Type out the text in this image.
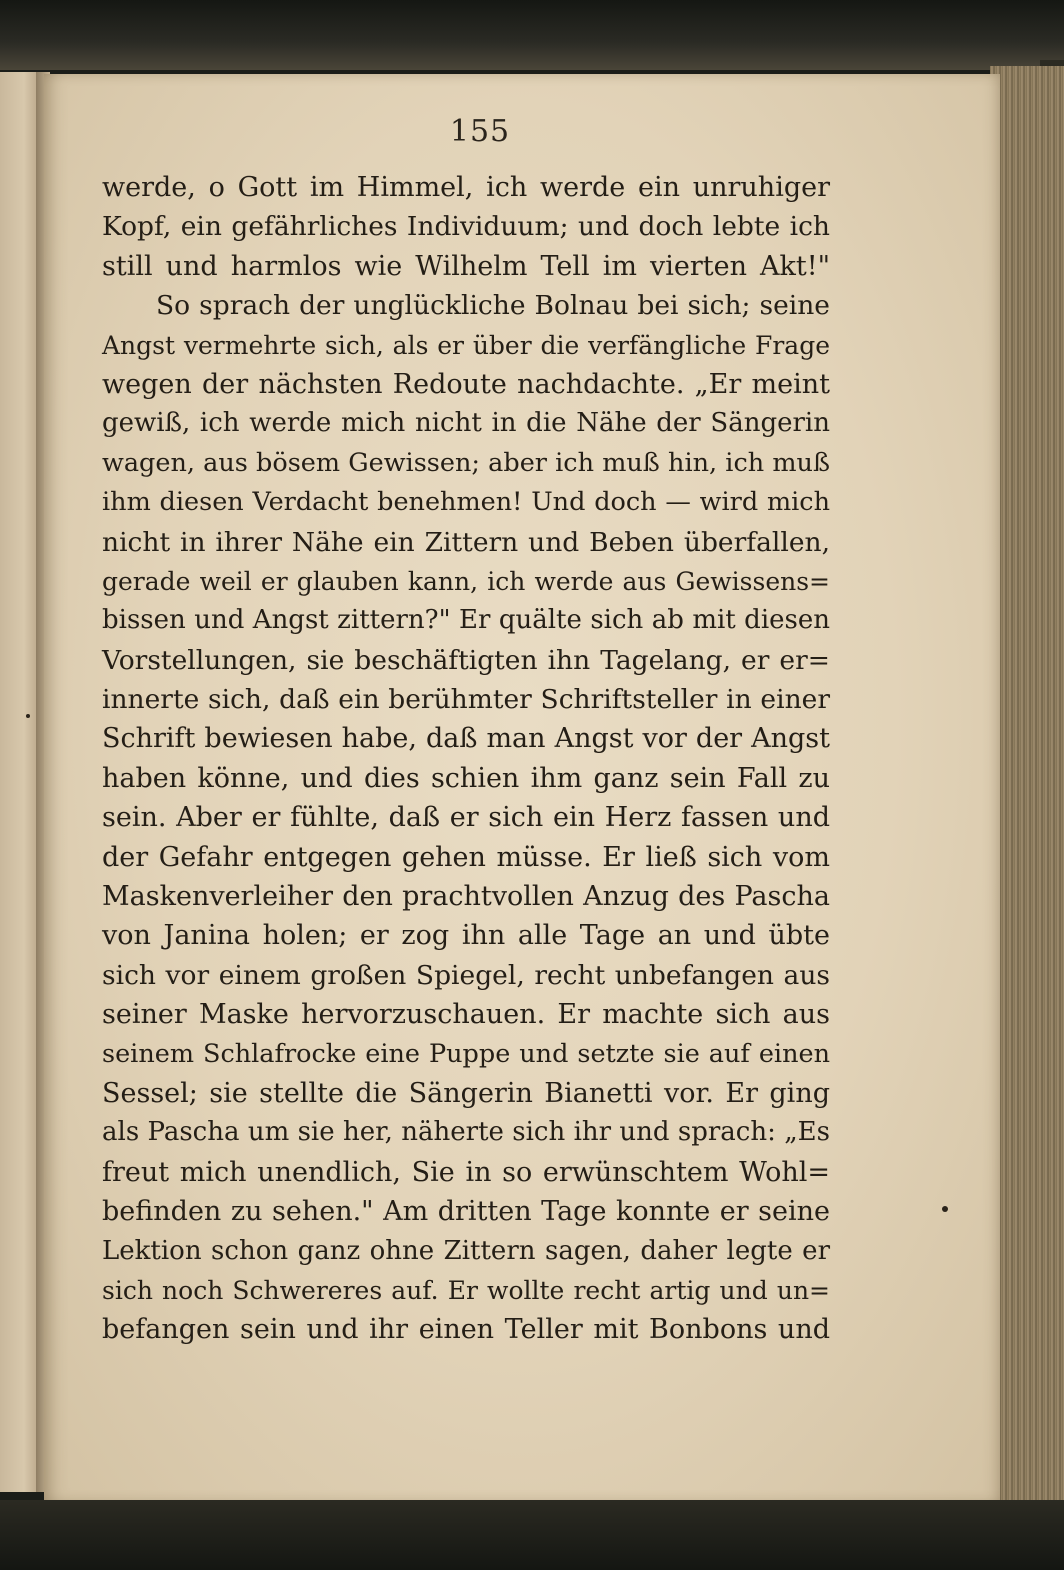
155
werde, o Gott im Himmel, ich werde ein unruhiger
Kopf, ein gefährliches Individuum; und doch lebte ich
still und harmlos wie Wilhelm Tell im vierten Akt!"
So sprach der unglückliche Bolnau bei sich; seine
Angst vermehrte sich, als er über die verfängliche Frage
wegen der nächsten Redoute nachdachte. „Er meint
gewiß, ich werde mich nicht in die Nähe der Sängerin
wagen, aus bösem Gewissen; aber ich muß hin, ich muß
ihm diesen Verdacht benehmen! Und doch — wird mich
nicht in ihrer Nähe ein Zittern und Beben überfallen,
gerade weil er glauben kann, ich werde aus Gewissens=
bissen und Angst zittern?" Er quälte sich ab mit diesen
Vorstellungen, sie beschäftigten ihn Tagelang, er er=
innerte sich, daß ein berühmter Schriftsteller in einer
Schrift bewiesen habe, daß man Angst vor der Angst
haben könne, und dies schien ihm ganz sein Fall zu
sein. Aber er fühlte, daß er sich ein Herz fassen und
der Gefahr entgegen gehen müsse. Er ließ sich vom
Maskenverleiher den prachtvollen Anzug des Pascha
von Janina holen; er zog ihn alle Tage an und übte
sich vor einem großen Spiegel, recht unbefangen aus
seiner Maske hervorzuschauen. Er machte sich aus
seinem Schlafrocke eine Puppe und setzte sie auf einen
Sessel; sie stellte die Sängerin Bianetti vor. Er ging
als Pascha um sie her, näherte sich ihr und sprach: „Es
freut mich unendlich, Sie in so erwünschtem Wohl=
befinden zu sehen." Am dritten Tage konnte er seine
Lektion schon ganz ohne Zittern sagen, daher legte er
sich noch Schwereres auf. Er wollte recht artig und un=
befangen sein und ihr einen Teller mit Bonbons und
